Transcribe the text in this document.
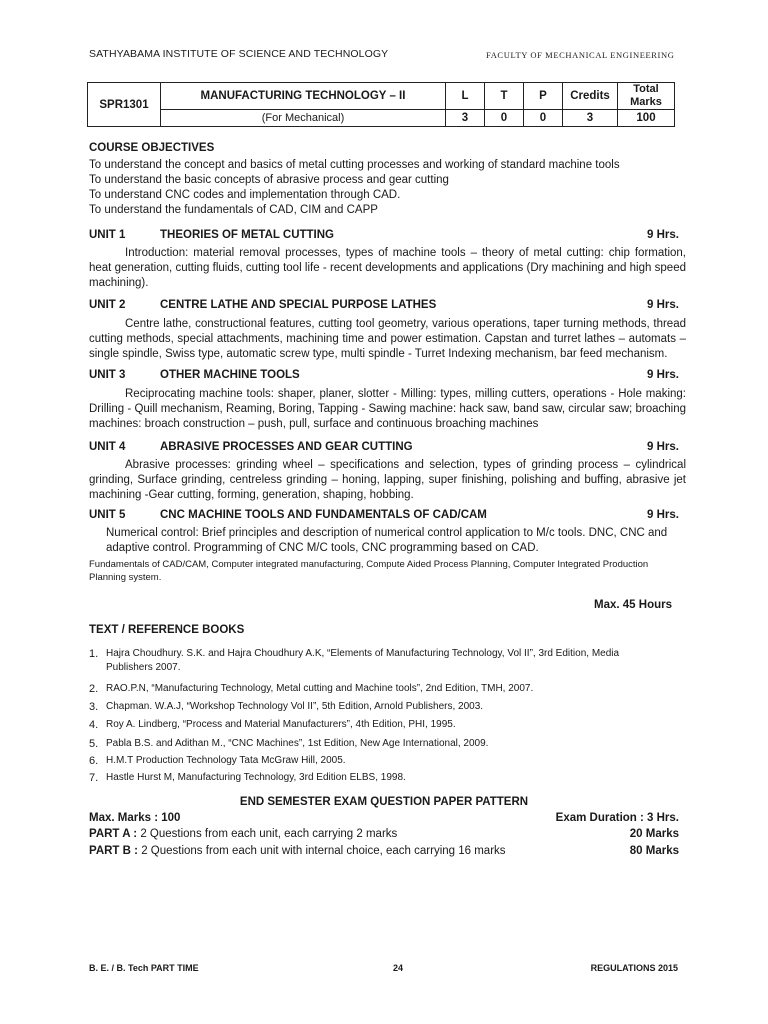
SATHYABAMA INSTITUTE OF SCIENCE AND TECHNOLOGY	FACULTY OF MECHANICAL ENGINEERING
SPR1301	MANUFACTURING TECHNOLOGY – II	L	T	P	Credits	Total Marks
	(For Mechanical)	3	0	0	3	100
COURSE OBJECTIVES
To understand the concept and basics of metal cutting processes and working of standard machine tools
To understand the basic concepts of abrasive process and gear cutting
To understand CNC codes and implementation through CAD.
To understand the fundamentals of CAD, CIM and CAPP
UNIT 1	THEORIES OF METAL CUTTING	9 Hrs.
Introduction: material removal processes, types of machine tools – theory of metal cutting: chip formation, heat generation, cutting fluids, cutting tool life - recent developments and applications (Dry machining and high speed machining).
UNIT 2	CENTRE LATHE AND SPECIAL PURPOSE LATHES	9 Hrs.
Centre lathe, constructional features, cutting tool geometry, various operations, taper turning methods, thread cutting methods, special attachments, machining time and power estimation. Capstan and turret lathes – automats – single spindle, Swiss type, automatic screw type, multi spindle - Turret Indexing mechanism, bar feed mechanism.
UNIT 3	OTHER MACHINE TOOLS	9 Hrs.
Reciprocating machine tools: shaper, planer, slotter - Milling: types, milling cutters, operations - Hole making: Drilling - Quill mechanism, Reaming, Boring, Tapping - Sawing machine: hack saw, band saw, circular saw; broaching machines: broach construction – push, pull, surface and continuous broaching machines
UNIT 4	ABRASIVE PROCESSES AND GEAR CUTTING	9 Hrs.
Abrasive processes: grinding wheel – specifications and selection, types of grinding process – cylindrical grinding, Surface grinding, centreless grinding – honing, lapping, super finishing, polishing and buffing, abrasive jet machining -Gear cutting, forming, generation, shaping, hobbing.
UNIT 5	CNC MACHINE TOOLS AND FUNDAMENTALS OF CAD/CAM	9 Hrs.
Numerical control: Brief principles and description of numerical control application to M/c tools. DNC, CNC and adaptive control. Programming of CNC M/C tools, CNC programming based on CAD.
Fundamentals of CAD/CAM, Computer integrated manufacturing, Compute Aided Process Planning, Computer Integrated Production Planning system.
Max. 45 Hours
TEXT / REFERENCE BOOKS
1. Hajra Choudhury. S.K. and Hajra Choudhury A.K, “Elements of Manufacturing Technology, Vol II”, 3rd Edition, Media Publishers 2007.
2. RAO.P.N, “Manufacturing Technology, Metal cutting and Machine tools”, 2nd Edition, TMH, 2007.
3. Chapman. W.A.J, “Workshop Technology Vol II”, 5th Edition, Arnold Publishers, 2003.
4. Roy A. Lindberg, “Process and Material Manufacturers”, 4th Edition, PHI, 1995.
5. Pabla B.S. and Adithan M., “CNC Machines”, 1st Edition, New Age International, 2009.
6. H.M.T Production Technology Tata McGraw Hill, 2005.
7. Hastle Hurst M, Manufacturing Technology, 3rd Edition ELBS, 1998.
END SEMESTER EXAM QUESTION PAPER PATTERN
Max. Marks : 100	Exam Duration : 3 Hrs.
PART A : 2 Questions from each unit, each carrying 2 marks	20 Marks
PART B : 2 Questions from each unit with internal choice, each carrying 16 marks	80 Marks
B. E. / B. Tech PART TIME	24	REGULATIONS 2015
